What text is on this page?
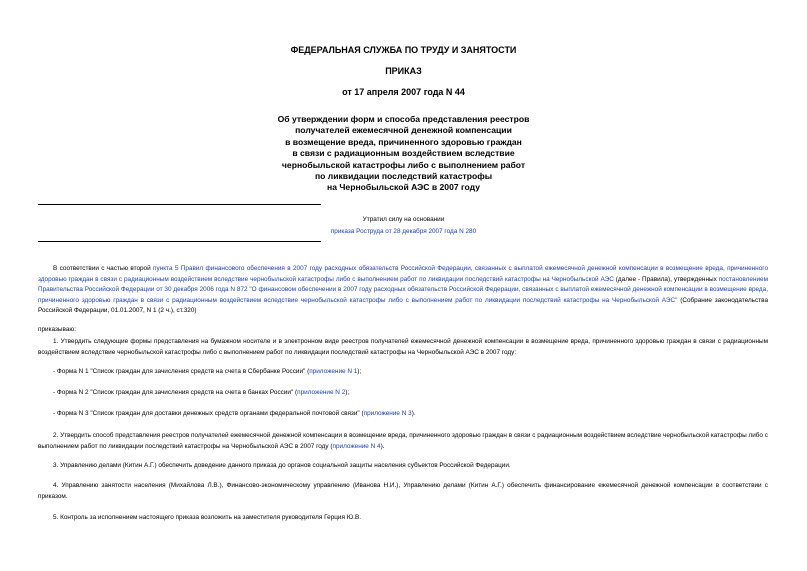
ФЕДЕРАЛЬНАЯ СЛУЖБА ПО ТРУДУ И ЗАНЯТОСТИ
ПРИКАЗ
от 17 апреля 2007 года N 44
Об утверждении форм и способа представления реестров
получателей ежемесячной денежной компенсации
в возмещение вреда, причиненного здоровью граждан
в связи с радиационным воздействием вследствие
чернобыльской катастрофы либо с выполнением работ
по ликвидации последствий катастрофы
на Чернобыльской АЭС в 2007 году
Утратил силу на основании
приказа Роструда от 28 декабря 2007 года N 280
В соответствии с частью второй пункта 5 Правил финансового обеспечения в 2007 году расходных обязательств Российской Федерации, связанных с выплатой ежемесячной денежной компенсации в возмещение вреда, причиненного здоровью граждан в связи с радиационным воздействием вследствие чернобыльской катастрофы либо с выполнением работ по ликвидации последствий катастрофы на Чернобыльской АЭС (далее - Правила), утвержденных постановлением Правительства Российской Федерации от 30 декабря 2006 года N 872 "О финансовом обеспечении в 2007 году расходных обязательств Российской Федерации, связанных с выплатой ежемесячной денежной компенсации в возмещение вреда, причиненного здоровью граждан в связи с радиационным воздействием вследствие чернобыльской катастрофы либо с выполнением работ по ликвидации последствий катастрофы на Чернобыльской АЭС" (Собрание законодательства Российской Федерации, 01.01.2007, N 1 (2 ч.), ст.320)
приказываю:
1. Утвердить следующие формы представления на бумажном носителе и в электронном виде реестров получателей ежемесячной денежной компенсации в возмещение вреда, причиненного здоровью граждан в связи с радиационным воздействием вследствие чернобыльской катастрофы либо с выполнением работ по ликвидации последствий катастрофы на Чернобыльской АЭС в 2007 году:
- Форма N 1 "Список граждан для зачисления средств на счета в Сбербанке России" (приложение N 1);
- Форма N 2 "Список граждан для зачисления средств на счета в банках России" (приложение N 2);
- Форма N 3 "Список граждан для доставки денежных средств органами федеральной почтовой связи" (приложение N 3).
2. Утвердить способ представления реестров получателей ежемесячной денежной компенсации в возмещение вреда, причиненного здоровью граждан в связи с радиационным воздействием вследствие чернобыльской катастрофы либо с выполнением работ по ликвидации последствий катастрофы на Чернобыльской АЭС в 2007 году (приложение N 4).
3. Управлению делами (Китин А.Г.) обеспечить доведение данного приказа до органов социальной защиты населения субъектов Российской Федерации.
4. Управлению занятости населения (Михайлова Л.В.), Финансово-экономическому управлению (Иванова Н.И.), Управлению делами (Китин А.Г.) обеспечить финансирование ежемесячной денежной компенсации в соответствии с приказом.
5. Контроль за исполнением настоящего приказа возложить на заместителя руководителя Герция Ю.В.
